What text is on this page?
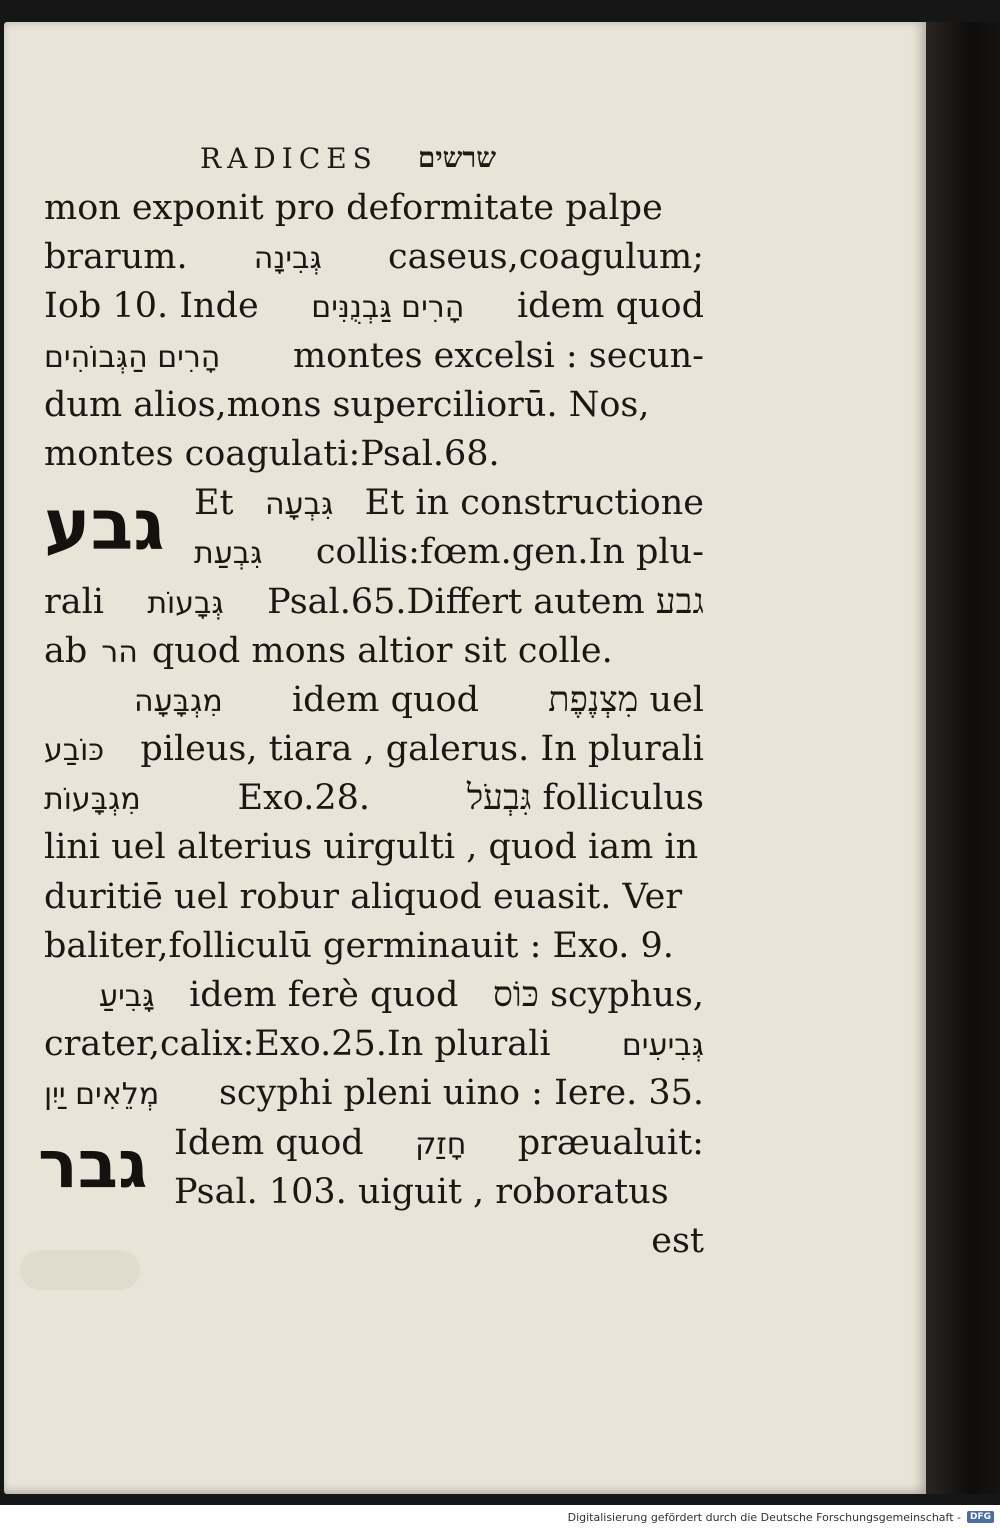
RADICES שרשים
גבע
גבר
mon exponit pro deformitate palpe
brarum. גְּבִינָה caseus,coagulum;
Iob 10. Inde הָרִים גַּבְנֻנִּים idem quod
הָרִים הַגְּבוֹהִים montes excelsi : secun-
dum alios,mons superciliorū. Nos,
montes coagulati:Psal.68.
Et גִּבְעָה Et in constructione
גִּבְעַת collis:fœm.gen.In plu-
rali גְּבָעוֹת Psal.65.Differt autem גבע
ab הר quod mons altior sit colle.
מִגְבָּעָה idem quod מִצְנֶפֶת uel
כּוֹבַע pileus, tiara , galerus. In plurali
מִגְבָּעוֹת	Exo.28.	גִּבְעֹל folliculus
lini uel alterius uirgulti , quod iam in
duritiē uel robur aliquod euasit. Ver
baliter,folliculū germinauit : Exo. 9.
גָּבִיעַ idem ferè quod כּוֹס scyphus,
crater,calix:Exo.25.In plurali גְּבִיעִים
מְלֵאִים יַיִן scyphi pleni uino : Iere. 35.
Idem quod חָזַק præualuit:
Psal. 103. uiguit , roboratus
est
Digitalisierung gefördert durch die Deutsche Forschungsgemeinschaft -	DFG
